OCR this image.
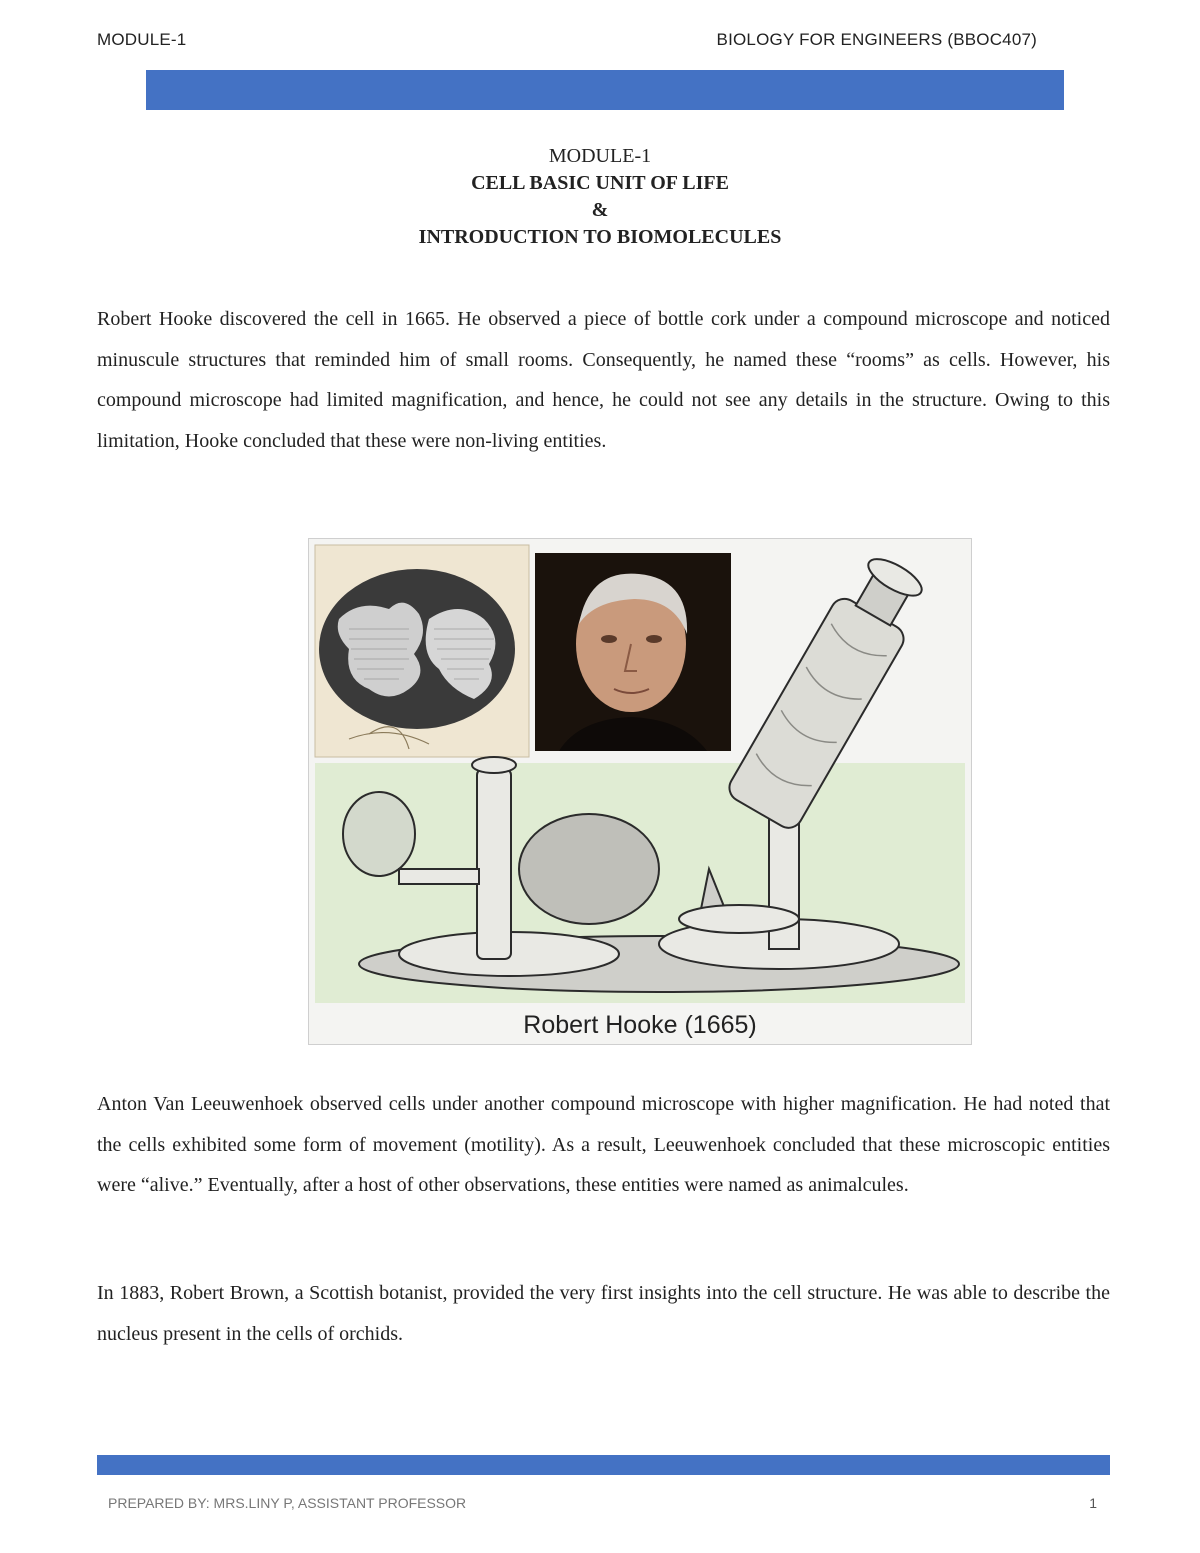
MODULE-1	BIOLOGY FOR ENGINEERS (BBOC407)
MODULE-1
CELL BASIC UNIT OF LIFE
&
INTRODUCTION TO BIOMOLECULES

Robert Hooke discovered the cell in 1665. He observed a piece of bottle cork under a compound microscope and noticed minuscule structures that reminded him of small rooms. Consequently, he named these “rooms” as cells. However, his compound microscope had limited magnification, and hence, he could not see any details in the structure. Owing to this limitation, Hooke concluded that these were non-living entities.

Robert Hooke (1665)

Anton Van Leeuwenhoek observed cells under another compound microscope with higher magnification. He had noted that the cells exhibited some form of movement (motility). As a result, Leeuwenhoek concluded that these microscopic entities were “alive.” Eventually, after a host of other observations, these entities were named as animalcules.

In 1883, Robert Brown, a Scottish botanist, provided the very first insights into the cell structure. He was able to describe the nucleus present in the cells of orchids.

PREPARED BY: MRS.LINY P, ASSISTANT PROFESSOR	1
